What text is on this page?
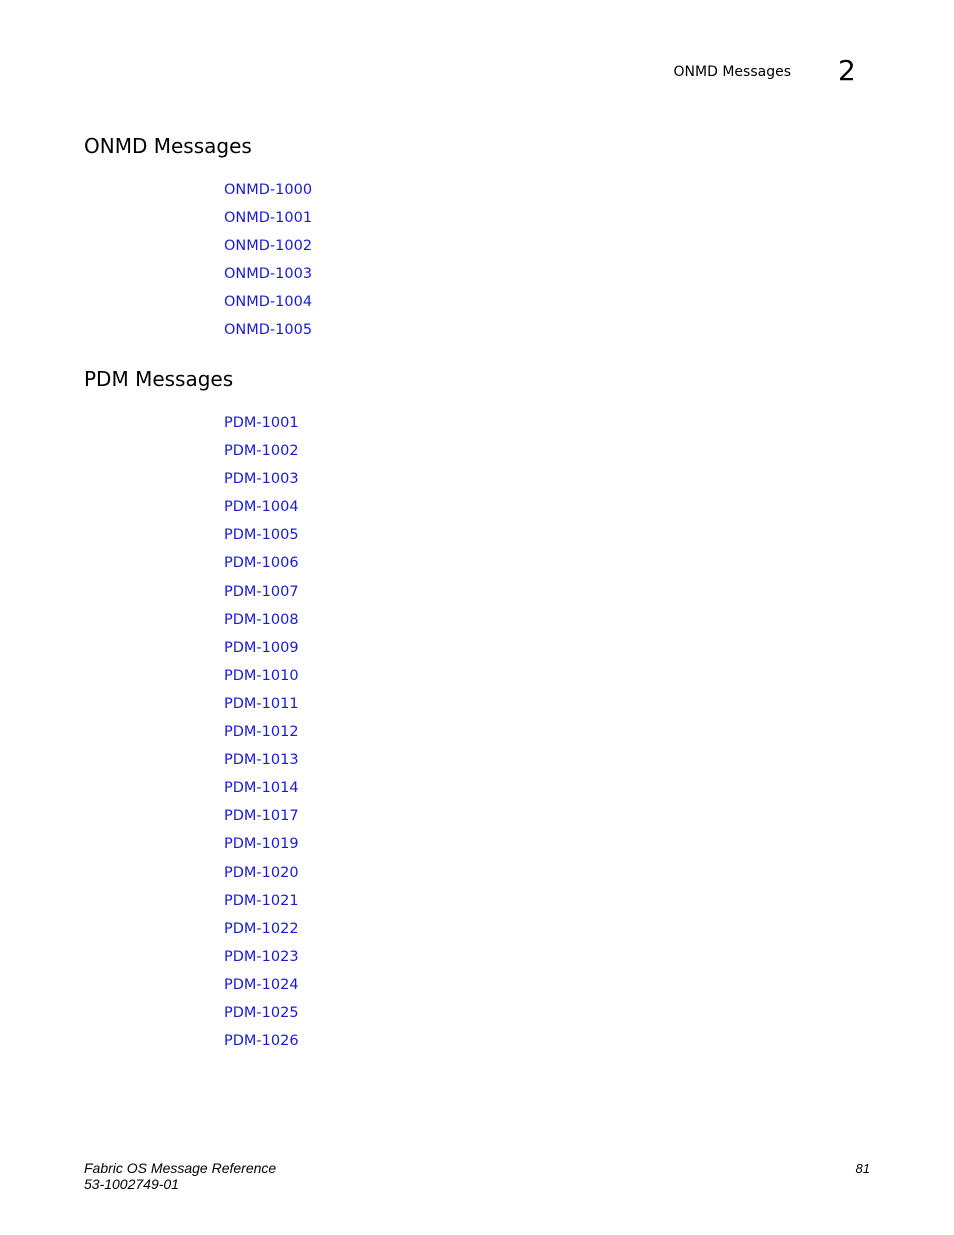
ONMD Messages 2
ONMD Messages
ONMD-1000
ONMD-1001
ONMD-1002
ONMD-1003
ONMD-1004
ONMD-1005
PDM Messages
PDM-1001
PDM-1002
PDM-1003
PDM-1004
PDM-1005
PDM-1006
PDM-1007
PDM-1008
PDM-1009
PDM-1010
PDM-1011
PDM-1012
PDM-1013
PDM-1014
PDM-1017
PDM-1019
PDM-1020
PDM-1021
PDM-1022
PDM-1023
PDM-1024
PDM-1025
PDM-1026
Fabric OS Message Reference
53-1002749-01
81
